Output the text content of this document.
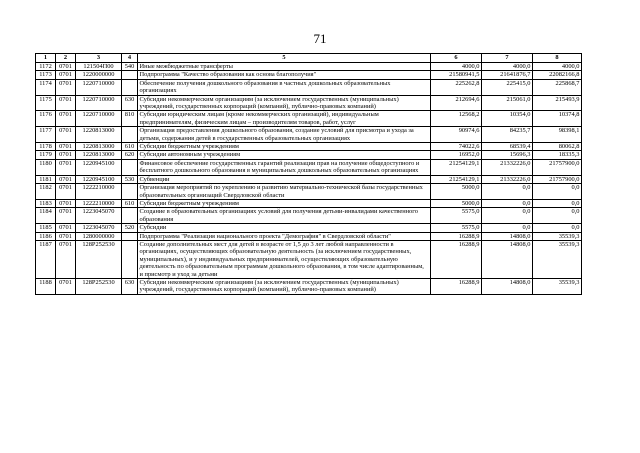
71
1	2	3	4	5	6	7	8
1172	0701	121504П00	540	Иные межбюджетные трансферты	4000,0	4000,0	4000,0
1173	0701	1220000000		Подпрограмма "Качество образования как основа благополучия"	21580941,5	21641876,7	22082166,8
1174	0701	1220710000		Обеспечение получения дошкольного образования в частных дошкольных образовательных организациях	225262,8	225415,0	225868,7
1175	0701	1220710000	630	Субсидии некоммерческим организациям (за исключением государственных (муниципальных) учреждений, государственных корпораций (компаний), публично-правовых компаний)	212694,6	215061,0	215493,9
1176	0701	1220710000	810	Субсидии юридическим лицам (кроме некоммерческих организаций), индивидуальным предпринимателям, физическим лицам – производителям товаров, работ, услуг	12568,2	10354,0	10374,8
1177	0701	1220813000		Организация предоставления дошкольного образования, создание условий для присмотра и ухода за детьми, содержания детей в государственных образовательных организациях	90974,6	84235,7	98398,1
1178	0701	1220813000	610	Субсидии бюджетным учреждениям	74022,6	68539,4	80062,8
1179	0701	1220813000	620	Субсидии автономным учреждениям	16952,0	15696,3	18335,3
1180	0701	1220945100		Финансовое обеспечение государственных гарантий реализации прав на получение общедоступного и бесплатного дошкольного образования в муниципальных дошкольных образовательных организациях	21254129,1	21332226,0	21757900,0
1181	0701	1220945100	530	Субвенции	21254129,1	21332226,0	21757900,0
1182	0701	1222210000		Организация мероприятий по укреплению и развитию материально-технической базы государственных образовательных организаций Свердловской области	5000,0	0,0	0,0
1183	0701	1222210000	610	Субсидии бюджетным учреждениям	5000,0	0,0	0,0
1184	0701	1223045070		Создание в образовательных организациях условий для получения детьми-инвалидами качественного образования	5575,0	0,0	0,0
1185	0701	1223045070	520	Субсидии	5575,0	0,0	0,0
1186	0701	1280000000		Подпрограмма "Реализация национального проекта "Демография" в Свердловской области"	16288,9	14808,0	35539,3
1187	0701	128P252530		Создание дополнительных мест для детей в возрасте от 1,5 до 3 лет любой направленности в организациях, осуществляющих образовательную деятельность (за исключением государственных, муниципальных), и у индивидуальных предпринимателей, осуществляющих образовательную деятельность по образовательным программам дошкольного образования, в том числе адаптированным, и присмотр и уход за детьми	16288,9	14808,0	35539,3
1188	0701	128P252530	630	Субсидии некоммерческим организациям (за исключением государственных (муниципальных) учреждений, государственных корпораций (компаний), публично-правовых компаний)	16288,9	14808,0	35539,3
